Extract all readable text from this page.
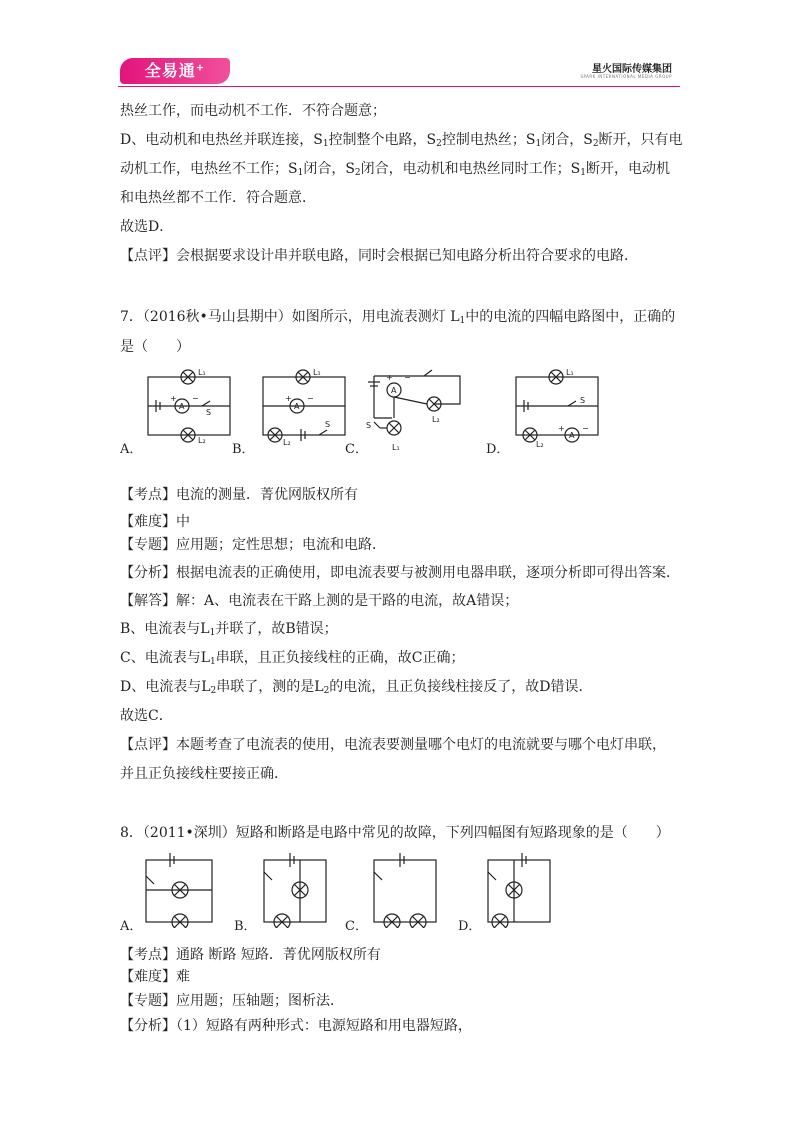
全易通⁺	星火国际传媒集团
SPARK INTERNATIONAL MEDIA GROUP
热丝工作，而电动机不工作．不符合题意；
D、电动机和电热丝并联连接，$S_1$控制整个电路，$S_2$控制电热丝；$S_1$闭合，$S_2$断开，只有电
动机工作，电热丝不工作；$S_1$闭合，$S_2$闭合，电动机和电热丝同时工作；$S_1$断开，电动机
和电热丝都不工作．符合题意．
故选D．
【点评】会根据要求设计串并联电路，同时会根据已知电路分析出符合要求的电路．
7．（2016秋•马山县期中）如图所示，用电流表测灯 $L_1$中的电流的四幅电路图中，正确的
是（　　）
L₁
A
+ −
S
L₂
A．
L₁
A
+ −
L₂
S
B．
A
+ −
L₂
L₁
S
C．
L₁
S
L₂
A
+ −
D．
【考点】电流的测量．菁优网版权所有
【难度】中
【专题】应用题；定性思想；电流和电路．
【分析】根据电流表的正确使用，即电流表要与被测用电器串联，逐项分析即可得出答案．
【解答】解：A、电流表在干路上测的是干路的电流，故A错误；
B、电流表与$L_1$并联了，故B错误；
C、电流表与$L_1$串联，且正负接线柱的正确，故C正确；
D、电流表与$L_2$串联了，测的是$L_2$的电流，且正负接线柱接反了，故D错误．
故选C．
【点评】本题考查了电流表的使用，电流表要测量哪个电灯的电流就要与哪个电灯串联，
并且正负接线柱要接正确．
8．（2011•深圳）短路和断路是电路中常见的故障，下列四幅图有短路现象的是（　　）
A．	B．	C．	D．
【考点】通路 断路 短路．菁优网版权所有
【难度】难
【专题】应用题；压轴题；图析法．
【分析】（1）短路有两种形式：电源短路和用电器短路，
